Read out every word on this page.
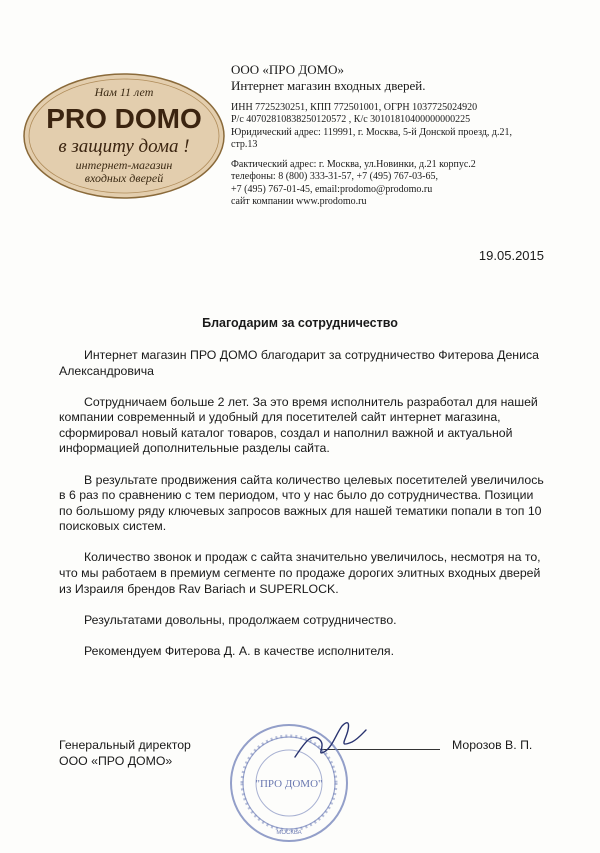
Нам 11 лет
PRO DOMO
в защиту дома !
интернет-магазин
входных дверей
ООО «ПРО ДОМО»
Интернет магазин входных дверей.
ИНН 7725230251, КПП 772501001, ОГРН 1037725024920
Р/с 40702810838250120572 , К/с 30101810400000000225
Юридический адрес: 119991, г. Москва, 5-й Донской проезд, д.21,
стр.13
Фактический адрес: г. Москва, ул.Новинки, д.21 корпус.2
телефоны: 8 (800) 333-31-57, +7 (495) 767-03-65,
+7 (495) 767-01-45, email:prodomo@prodomo.ru
сайт компании www.prodomo.ru
19.05.2015
Благодарим за сотрудничество

Интернет магазин ПРО ДОМО благодарит за сотрудничество Фитерова Дениса Александровича

Сотрудничаем больше 2 лет. За это время исполнитель разработал для нашей компании современный и удобный для посетителей сайт интернет магазина, сформировал новый каталог товаров, создал и наполнил важной и актуальной информацией дополнительные разделы сайта.

В результате продвижения сайта количество целевых посетителей увеличилось в 6 раз по сравнению с тем периодом, что у нас было до сотрудничества. Позиции по большому ряду ключевых запросов важных для нашей тематики попали в топ 10 поисковых систем.

Количество звонок и продаж с сайта значительно увеличилось, несмотря на то, что мы работаем в премиум сегменте по продаже дорогих элитных входных дверей из Израиля брендов Rav Bariach и SUPERLOCK.

Результатами довольны, продолжаем сотрудничество.

Рекомендуем Фитерова Д. А. в качестве исполнителя.

Генеральный директор
ООО «ПРО ДОМО»
Морозов В. П.
"ПРО ДОМО"
МОСКВА
